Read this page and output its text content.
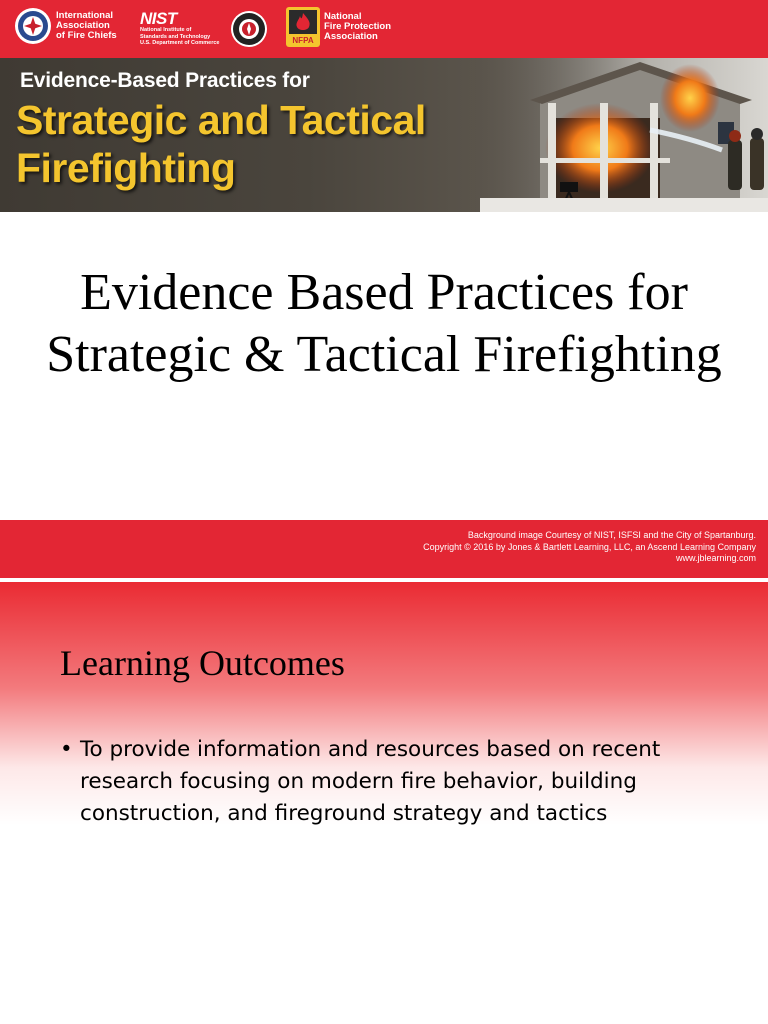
International
Association
of Fire Chiefs
NIST
National Institute of
Standards and Technology
U.S. Department of Commerce	NFPA
National
Fire Protection
Association
Evidence-Based Practices for
Strategic and Tactical
Firefighting
Evidence Based Practices for Strategic & Tactical Firefighting
Background image Courtesy of NIST, ISFSI and the City of Spartanburg.
Copyright © 2016 by Jones & Bartlett Learning, LLC, an Ascend Learning Company
www.jblearning.com
Learning Outcomes
• To provide information and resources based on recent research focusing on modern fire behavior, building construction, and fireground strategy and tactics
